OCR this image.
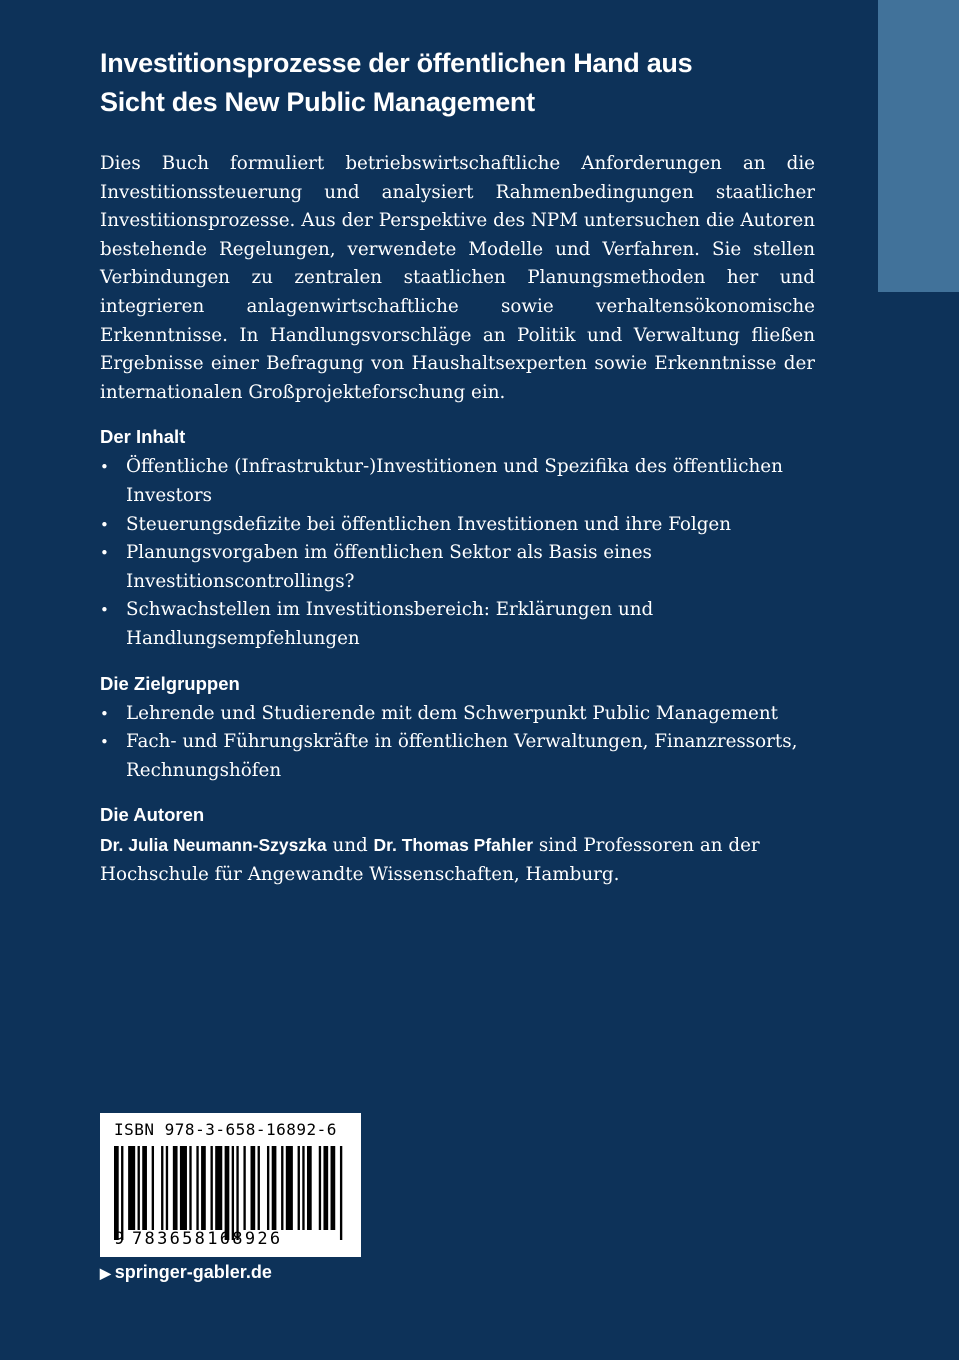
Investitionsprozesse der öffentlichen Hand aus
Sicht des New Public Management

Dies Buch formuliert betriebswirtschaftliche Anforderungen an die Investitionssteuerung und analysiert Rahmenbedingungen staatlicher Investitionsprozesse. Aus der Perspektive des NPM untersuchen die Autoren bestehende Regelungen, verwendete Modelle und Verfahren. Sie stellen Verbindungen zu zentralen staatlichen Planungsmethoden her und integrieren anlagenwirtschaftliche sowie verhaltensökonomische Erkenntnisse. In Handlungsvorschläge an Politik und Verwaltung fließen Ergebnisse einer Befragung von Haushaltsexperten sowie Erkenntnisse der internationalen Großprojekteforschung ein.

Der Inhalt
• Öffentliche (Infrastruktur-)Investitionen und Spezifika des öffentlichen Investors
• Steuerungsdefizite bei öffentlichen Investitionen und ihre Folgen
• Planungsvorgaben im öffentlichen Sektor als Basis eines Investitionscontrollings?
• Schwachstellen im Investitionsbereich: Erklärungen und Handlungsempfehlungen
Die Zielgruppen
• Lehrende und Studierende mit dem Schwerpunkt Public Management
• Fach- und Führungskräfte in öffentlichen Verwaltungen, Finanzressorts, Rechnungshöfen
Die Autoren

Dr. Julia Neumann-Szyszka und Dr. Thomas Pfahler sind Professoren an der Hochschule für Angewandte Wissenschaften, Hamburg.

ISBN 978-3-658-16892-6
9 783658168926
▶ springer-gabler.de
